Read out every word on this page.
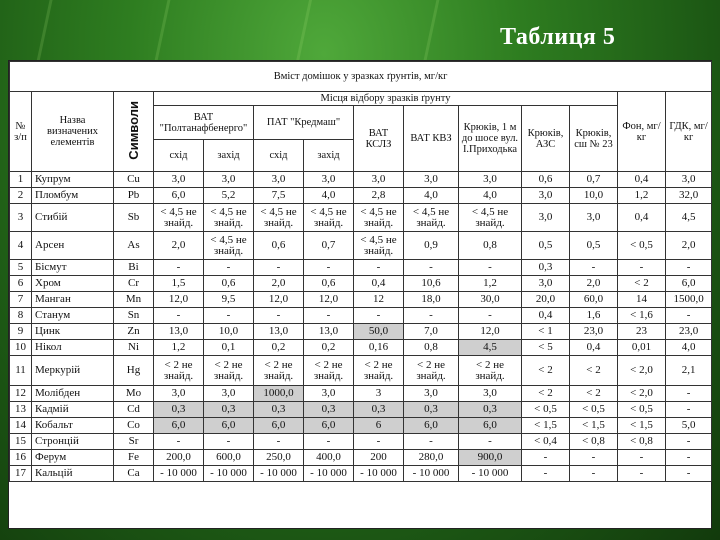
Таблиця 5
Вміст домішок у зразках ґрунтів, мг/кг													
№ з/п	Назва визначених елементів	Символи	Місця відбору зразків ґрунту									Фон, мг/кг	ГДК, мг/кг
			ВАТ "Полтанафбенерго"		ПАТ "Кредмаш"		ВАТ КСЛЗ	ВАТ КВЗ	Крюків, 1 м до шосе вул. І.Приходька	Крюків, АЗС	Крюків, сш № 23		
			схід	захід	схід	захід							
1	Купрум	Cu	3,0	3,0	3,0	3,0	3,0	3,0	3,0	0,6	0,7	0,4	3,0
2	Пломбум	Pb	6,0	5,2	7,5	4,0	2,8	4,0	4,0	3,0	10,0	1,2	32,0
3	Стибій	Sb	< 4,5 не знайд.	< 4,5 не знайд.	< 4,5 не знайд.	< 4,5 не знайд.	< 4,5 не знайд.	< 4,5 не знайд.	< 4,5 не знайд.	3,0	3,0	0,4	4,5
4	Арсен	As	2,0	< 4,5 не знайд.	0,6	0,7	< 4,5 не знайд.	0,9	0,8	0,5	0,5	< 0,5	2,0
5	Бісмут	Bi	-	-	-	-	-	-	-	0,3	-	-	-
6	Хром	Cr	1,5	0,6	2,0	0,6	0,4	10,6	1,2	3,0	2,0	< 2	6,0
7	Манган	Mn	12,0	9,5	12,0	12,0	12	18,0	30,0	20,0	60,0	14	1500,0
8	Станум	Sn	-	-	-	-	-	-	-	0,4	1,6	< 1,6	-
9	Цинк	Zn	13,0	10,0	13,0	13,0	50,0	7,0	12,0	< 1	23,0	23	23,0
10	Нікол	Ni	1,2	0,1	0,2	0,2	0,16	0,8	4,5	< 5	0,4	0,01	4,0
11	Меркурій	Hg	< 2 не знайд.	< 2 не знайд.	< 2 не знайд.	< 2 не знайд.	< 2 не знайд.	< 2 не знайд.	< 2 не знайд.	< 2	< 2	< 2,0	2,1
12	Молібден	Mo	3,0	3,0	1000,0	3,0	3	3,0	3,0	< 2	< 2	< 2,0	-
13	Кадмій	Cd	0,3	0,3	0,3	0,3	0,3	0,3	0,3	< 0,5	< 0,5	< 0,5	-
14	Кобальт	Co	6,0	6,0	6,0	6,0	6	6,0	6,0	< 1,5	< 1,5	< 1,5	5,0
15	Стронцій	Sr	-	-	-	-	-	-	-	< 0,4	< 0,8	< 0,8	-
16	Ферум	Fe	200,0	600,0	250,0	400,0	200	280,0	900,0	-	-	-	-
17	Кальцій	Ca	- 10 000	- 10 000	- 10 000	- 10 000	- 10 000	- 10 000	- 10 000	-	-	-	-
